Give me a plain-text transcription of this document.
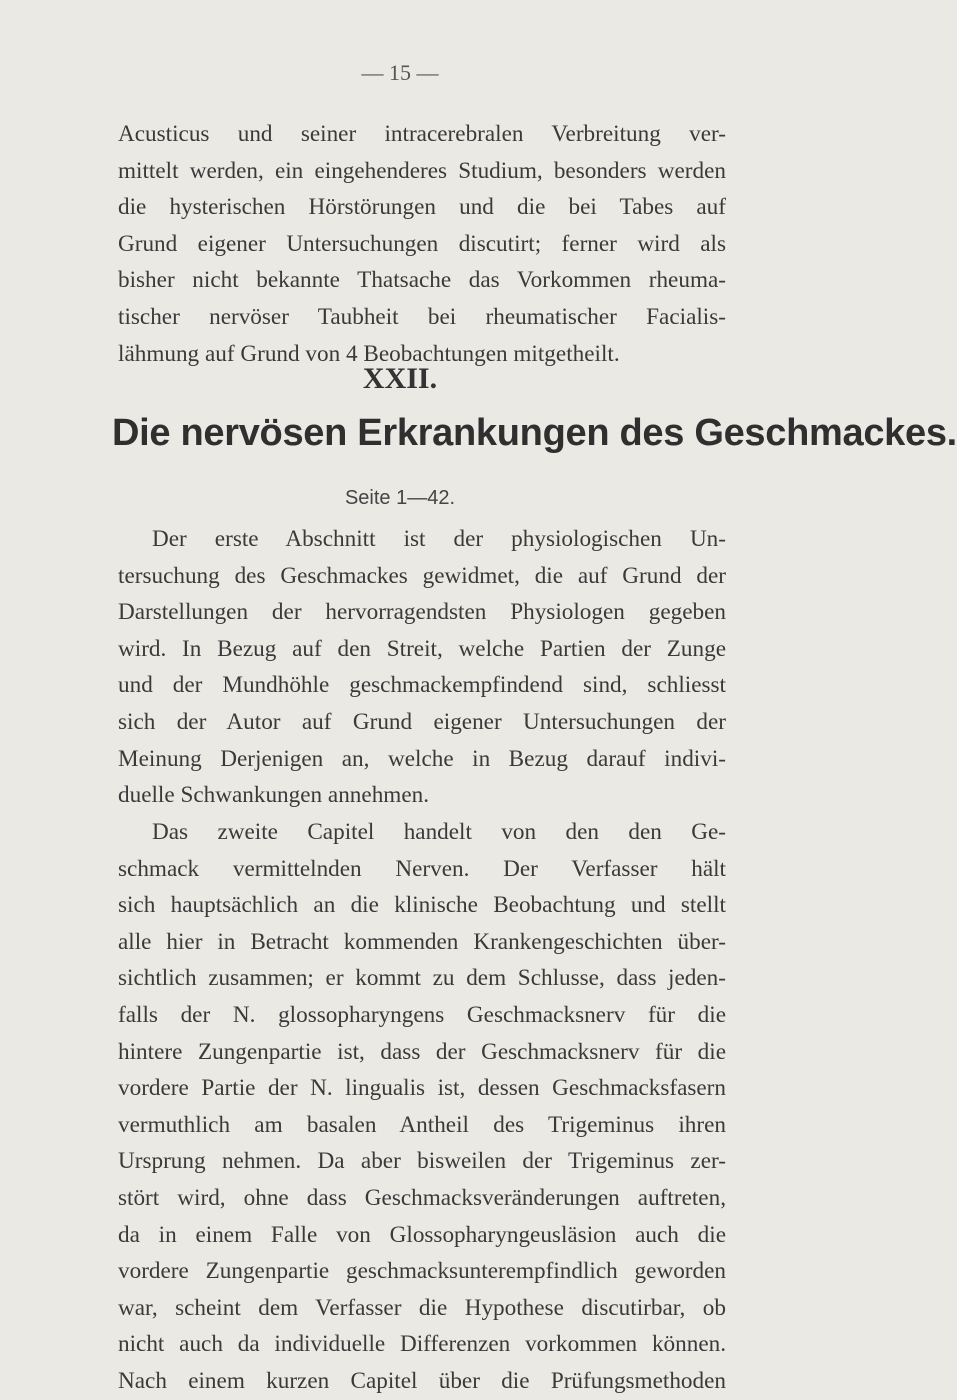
— 15 —
Acusticus und seiner intracerebralen Verbreitung ver-
mittelt werden, ein eingehenderes Studium, besonders werden
die hysterischen Hörstörungen und die bei Tabes auf
Grund eigener Untersuchungen discutirt; ferner wird als
bisher nicht bekannte Thatsache das Vorkommen rheuma-
tischer nervöser Taubheit bei rheumatischer Facialis-
lähmung auf Grund von 4 Beobachtungen mitgetheilt.
XXII.
Die nervösen Erkrankungen des Geschmackes.
Seite 1—42.
Der erste Abschnitt ist der physiologischen Un-
tersuchung des Geschmackes gewidmet, die auf Grund der
Darstellungen der hervorragendsten Physiologen gegeben
wird. In Bezug auf den Streit, welche Partien der Zunge
und der Mundhöhle geschmackempfindend sind, schliesst
sich der Autor auf Grund eigener Untersuchungen der
Meinung Derjenigen an, welche in Bezug darauf indivi-
duelle Schwankungen annehmen.
Das zweite Capitel handelt von den den Ge-
schmack vermittelnden Nerven. Der Verfasser hält
sich hauptsächlich an die klinische Beobachtung und stellt
alle hier in Betracht kommenden Krankengeschichten über-
sichtlich zusammen; er kommt zu dem Schlusse, dass jeden-
falls der N. glossopharyngens Geschmacksnerv für die
hintere Zungenpartie ist, dass der Geschmacksnerv für die
vordere Partie der N. lingualis ist, dessen Geschmacksfasern
vermuthlich am basalen Antheil des Trigeminus ihren
Ursprung nehmen. Da aber bisweilen der Trigeminus zer-
stört wird, ohne dass Geschmacksveränderungen auftreten,
da in einem Falle von Glossopharyngeusläsion auch die
vordere Zungenpartie geschmacksunterempfindlich geworden
war, scheint dem Verfasser die Hypothese discutirbar, ob
nicht auch da individuelle Differenzen vorkommen können.
Nach einem kurzen Capitel über die Prüfungsmethoden
